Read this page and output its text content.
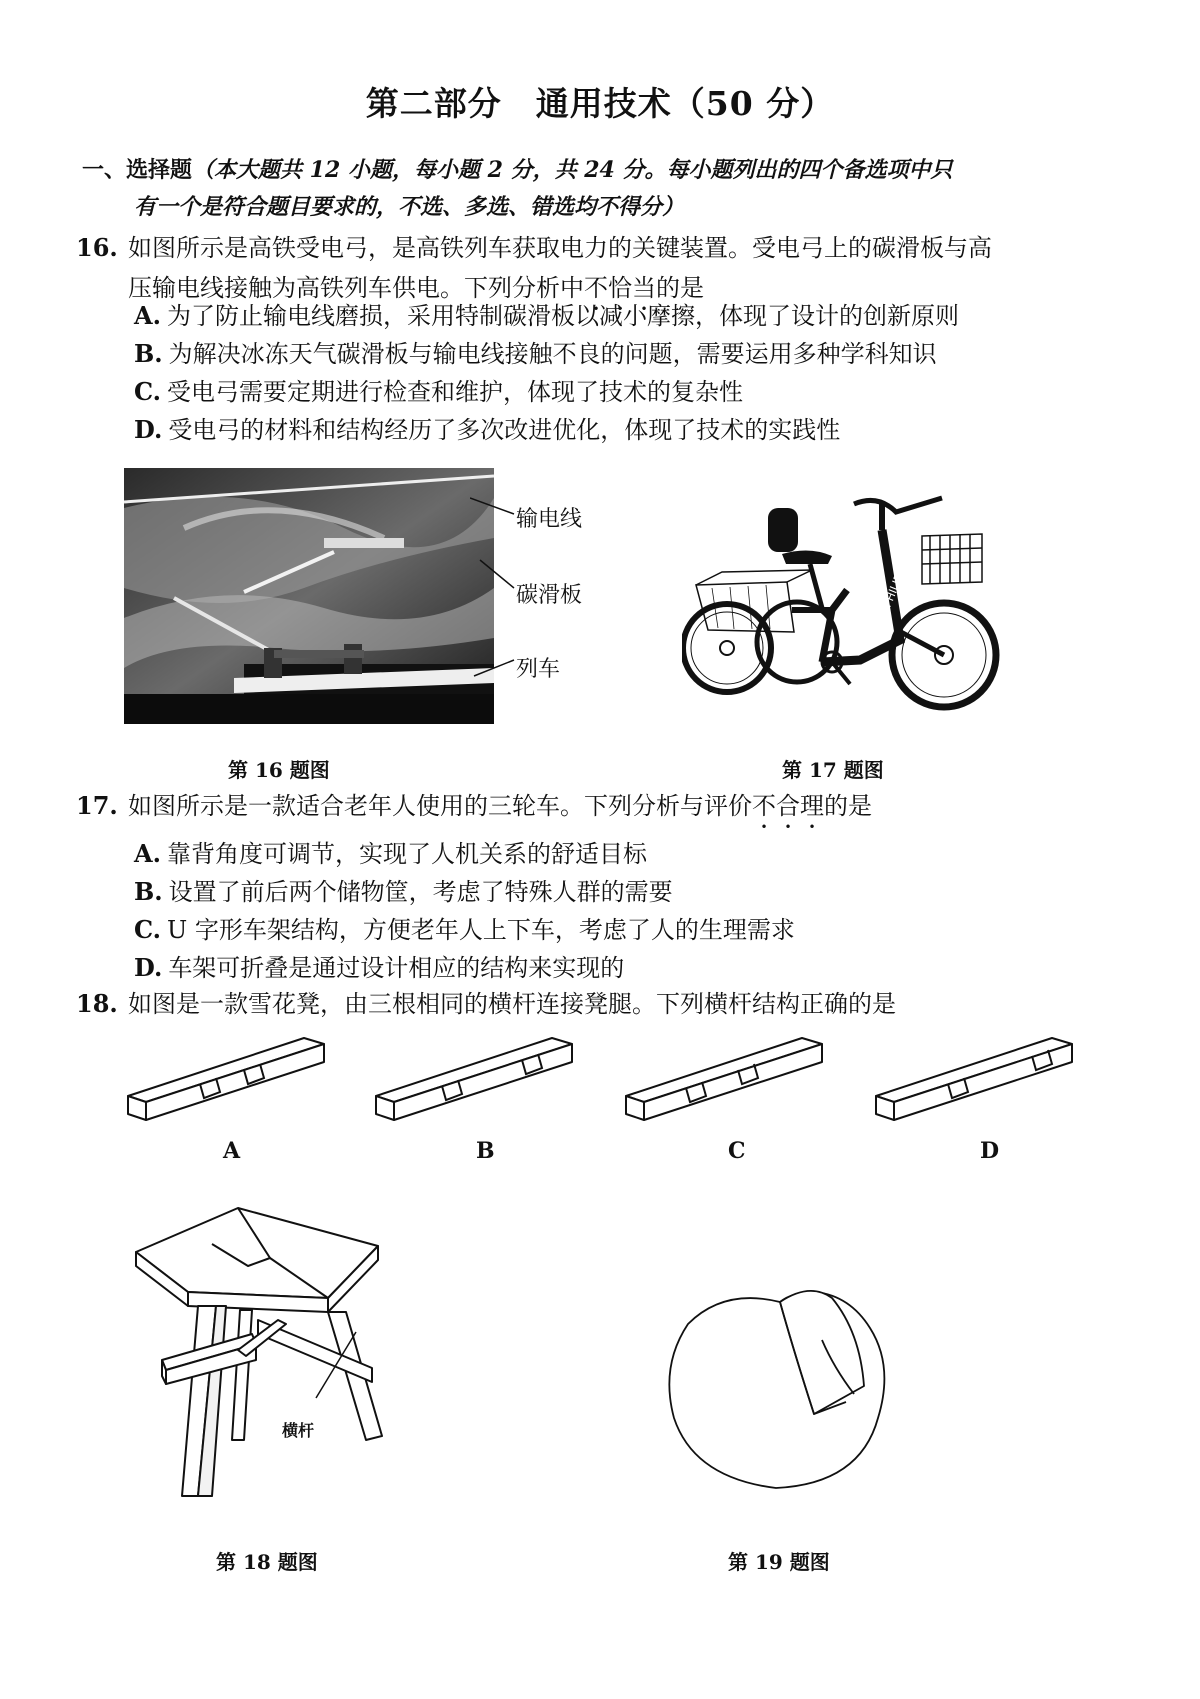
第二部分　通用技术（50 分）
一、选择题（本大题共 12 小题，每小题 2 分，共 24 分。每小题列出的四个备选项中只
有一个是符合题目要求的，不选、多选、错选均不得分）
16. 如图所示是高铁受电弓，是高铁列车获取电力的关键装置。受电弓上的碳滑板与高
压输电线接触为高铁列车供电。下列分析中不恰当的是
A. 为了防止输电线磨损，采用特制碳滑板以减小摩擦，体现了设计的创新原则
B. 为解决冰冻天气碳滑板与输电线接触不良的问题，需要运用多种学科知识
C. 受电弓需要定期进行检查和维护，体现了技术的复杂性
D. 受电弓的材料和结构经历了多次改进优化，体现了技术的实践性
输电线
碳滑板
列车
PHILIPS
第 16 题图	第 17 题图
17. 如图所示是一款适合老年人使用的三轮车。下列分析与评价不合理的是
A. 靠背角度可调节，实现了人机关系的舒适目标
B. 设置了前后两个储物筐，考虑了特殊人群的需要
C. U 字形车架结构，方便老年人上下车，考虑了人的生理需求
D. 车架可折叠是通过设计相应的结构来实现的
18. 如图是一款雪花凳，由三根相同的横杆连接凳腿。下列横杆结构正确的是
A	B	C	D
横杆
第 18 题图	第 19 题图
